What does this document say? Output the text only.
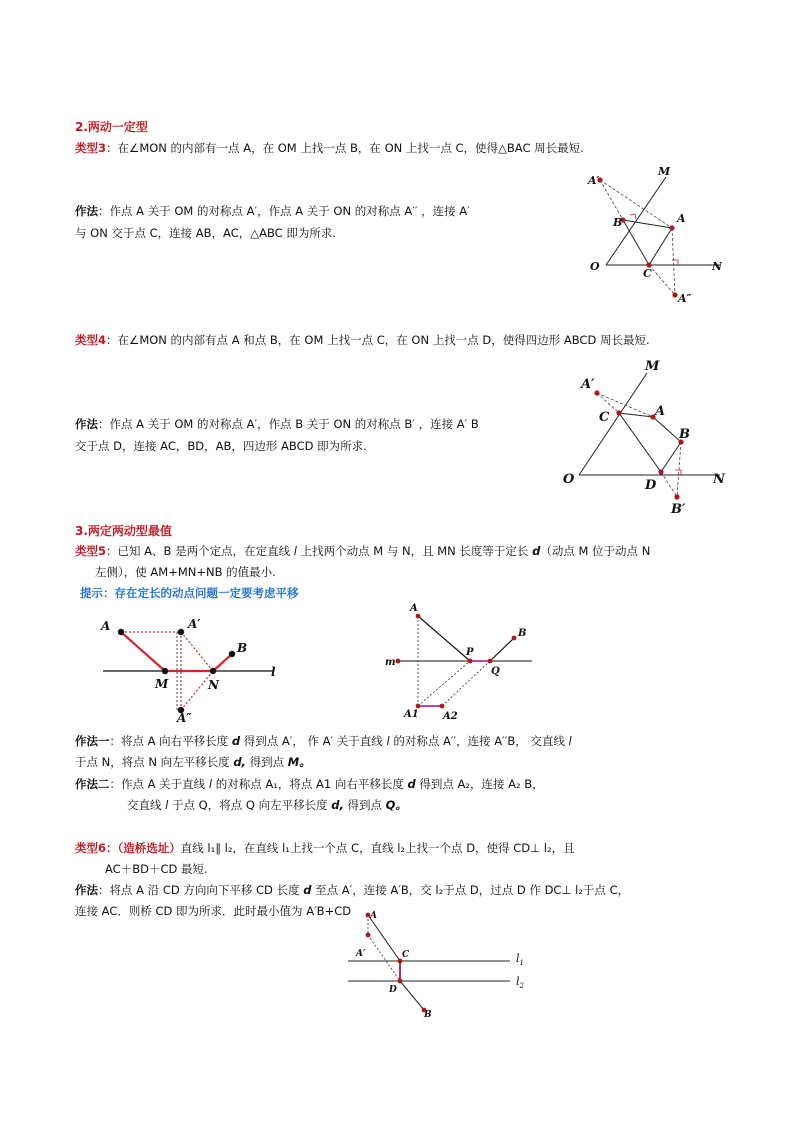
2.两动一定型
类型3：在∠MON 的内部有一点 A，在 OM 上找一点 B，在 ON 上找一点 C，使得△BAC 周长最短.
作法：作点 A 关于 OM 的对称点 A′，作点 A 关于 ON 的对称点 A′′ ，连接 A′
与 ON 交于点 C，连接 AB，AC，△ABC 即为所求.
A′
M
B	A
O
C
N
A″
类型4：在∠MON 的内部有点 A 和点 B，在 OM 上找一点 C，在 ON 上找一点 D，使得四边形 ABCD 周长最短.
作法：作点 A 关于 OM 的对称点 A′，作点 B 关于 ON 的对称点 B′ ，连接 A′ B
交于点 D，连接 AC，BD，AB，四边形 ABCD 即为所求.
A′
M
C	A
B
O	D	N
B′
3.两定两动型最值
类型5：已知 A、B 是两个定点，在定直线 l 上找两个动点 M 与 N，且 MN 长度等于定长 d（动点 M 位于动点 N
左侧），使 AM+MN+NB 的值最小.
提示：存在定长的动点问题一定要考虑平移
A	A′
B
M	N
l
A″
A
B
m
P
Q
A1 A2
作法一：将点 A 向右平移长度 d 得到点 A′， 作 A′ 关于直线 l 的对称点 A′′，连接 A′′B， 交直线 l
于点 N，将点 N 向左平移长度 d, 得到点 M。
作法二：作点 A 关于直线 l 的对称点 A₁，将点 A1 向右平移长度 d 得到点 A₂，连接 A₂ B，
交直线 l 于点 Q，将点 Q 向左平移长度 d, 得到点 Q。
类型6：（造桥选址）直线 l₁∥ l₂，在直线 l₁上找一个点 C，直线 l₂上找一个点 D，使得 CD⊥ l₂，且
AC＋BD＋CD 最短.
作法：将点 A 沿 CD 方向向下平移 CD 长度 d 至点 A′，连接 A′B，交 l₂于点 D，过点 D 作 DC⊥ l₂于点 C，
连接 AC．则桥 CD 即为所求．此时最小值为 A′B+CD A
A′	C
D
B
$l_1$
$l_2$
